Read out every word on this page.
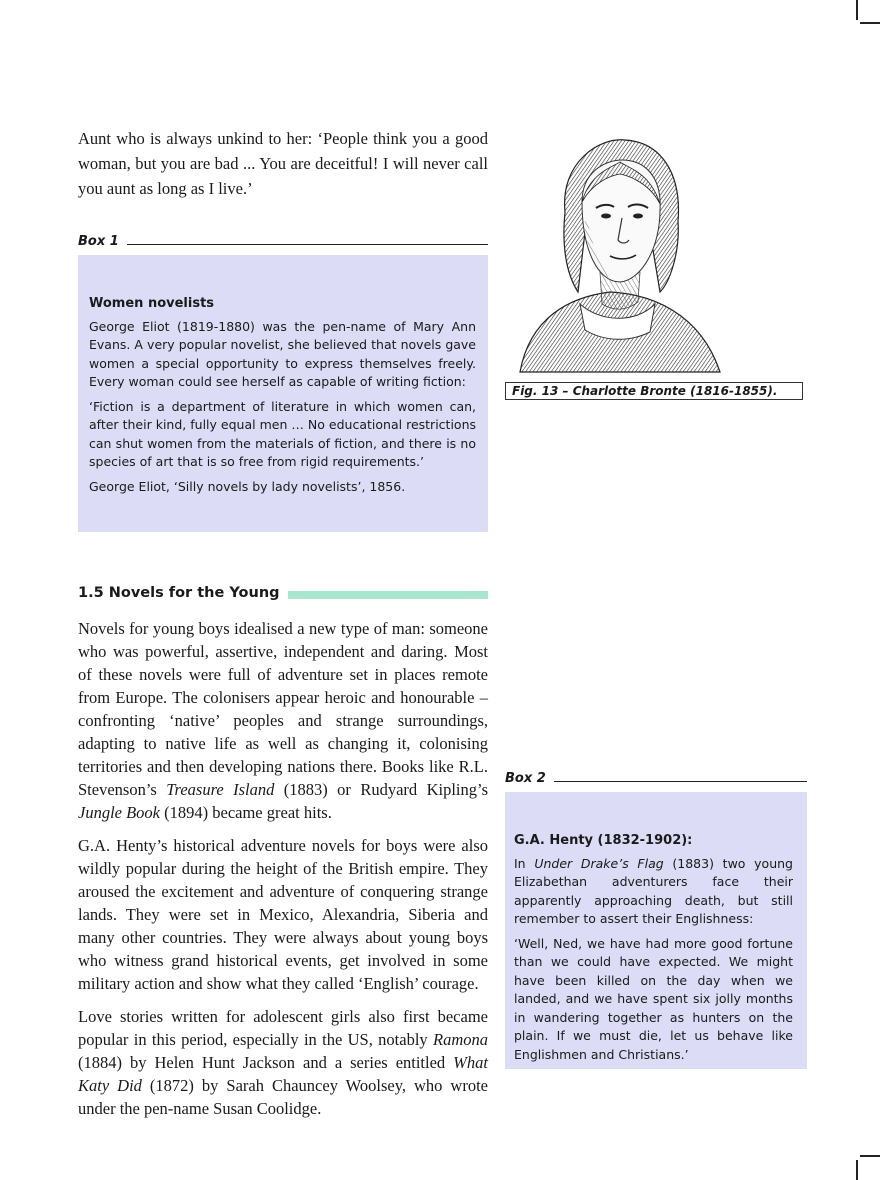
Aunt who is always unkind to her: ‘People think you a good woman, but you are bad ... You are deceitful! I will never call you aunt as long as I live.’

Box 1
Women novelists

George Eliot (1819-1880) was the pen-name of Mary Ann Evans. A very popular novelist, she believed that novels gave women a special opportunity to express themselves freely. Every woman could see herself as capable of writing fiction:

‘Fiction is a department of literature in which women can, after their kind, fully equal men … No educational restrictions can shut women from the materials of fiction, and there is no species of art that is so free from rigid requirements.’

George Eliot, ‘Silly novels by lady novelists’, 1856.

Fig. 13 – Charlotte Bronte (1816-1855).
1.5 Novels for the Young

Novels for young boys idealised a new type of man: someone who was powerful, assertive, independent and daring. Most of these novels were full of adventure set in places remote from Europe. The colonisers appear heroic and honourable – confronting ‘native’ peoples and strange surroundings, adapting to native life as well as changing it, colonising territories and then developing nations there. Books like R.L. Stevenson’s Treasure Island (1883) or Rudyard Kipling’s Jungle Book (1894) became great hits.

G.A. Henty’s historical adventure novels for boys were also wildly popular during the height of the British empire. They aroused the excitement and adventure of conquering strange lands. They were set in Mexico, Alexandria, Siberia and many other countries. They were always about young boys who witness grand historical events, get involved in some military action and show what they called ‘English’ courage.

Love stories written for adolescent girls also first became popular in this period, especially in the US, notably Ramona (1884) by Helen Hunt Jackson and a series entitled What Katy Did (1872) by Sarah Chauncey Woolsey, who wrote under the pen-name Susan Coolidge.

Box 2
G.A. Henty (1832-1902):

In Under Drake’s Flag (1883) two young Elizabethan adventurers face their apparently approaching death, but still remember to assert their Englishness:

‘Well, Ned, we have had more good fortune than we could have expected. We might have been killed on the day when we landed, and we have spent six jolly months in wandering together as hunters on the plain. If we must die, let us behave like Englishmen and Christians.’
